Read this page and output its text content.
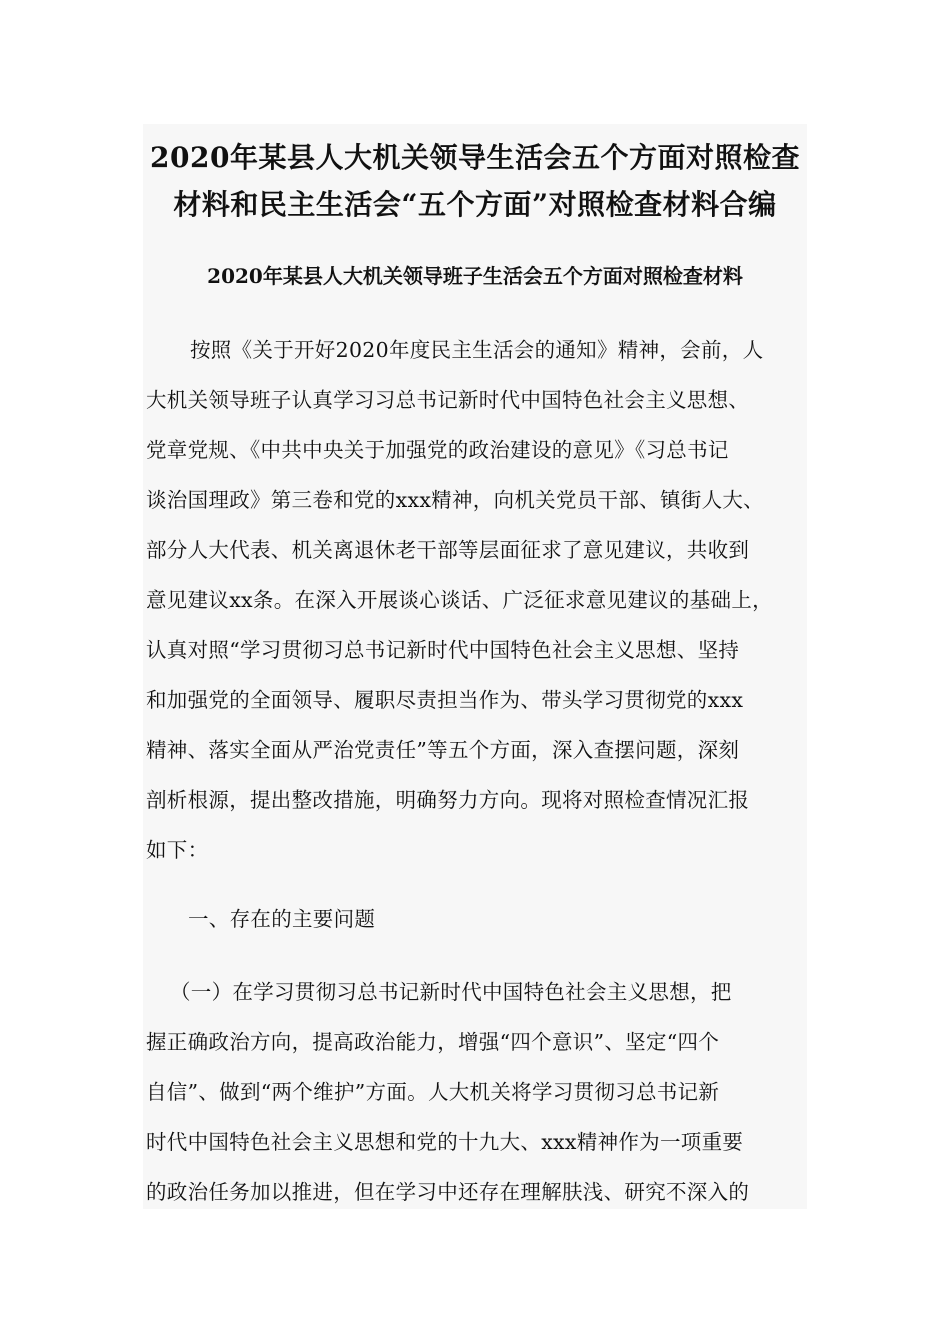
2020年某县人大机关领导生活会五个方面对照检查
材料和民主生活会“五个方面”对照检查材料合编
2020年某县人大机关领导班子生活会五个方面对照检查材料

按照《关于开好2020年度民主生活会的通知》精神，会前，人

大机关领导班子认真学习习总书记新时代中国特色社会主义思想、

党章党规、《中共中央关于加强党的政治建设的意见》《习总书记

谈治国理政》第三卷和党的xxx精神，向机关党员干部、镇街人大、

部分人大代表、机关离退休老干部等层面征求了意见建议，共收到

意见建议xx条。在深入开展谈心谈话、广泛征求意见建议的基础上，

认真对照“学习贯彻习总书记新时代中国特色社会主义思想、坚持

和加强党的全面领导、履职尽责担当作为、带头学习贯彻党的xxx

精神、落实全面从严治党责任”等五个方面，深入查摆问题，深刻

剖析根源，提出整改措施，明确努力方向。现将对照检查情况汇报

如下：

一、存在的主要问题

（一）在学习贯彻习总书记新时代中国特色社会主义思想，把

握正确政治方向，提高政治能力，增强“四个意识”、坚定“四个

自信”、做到“两个维护”方面。人大机关将学习贯彻习总书记新

时代中国特色社会主义思想和党的十九大、xxx精神作为一项重要

的政治任务加以推进，但在学习中还存在理解肤浅、研究不深入的
